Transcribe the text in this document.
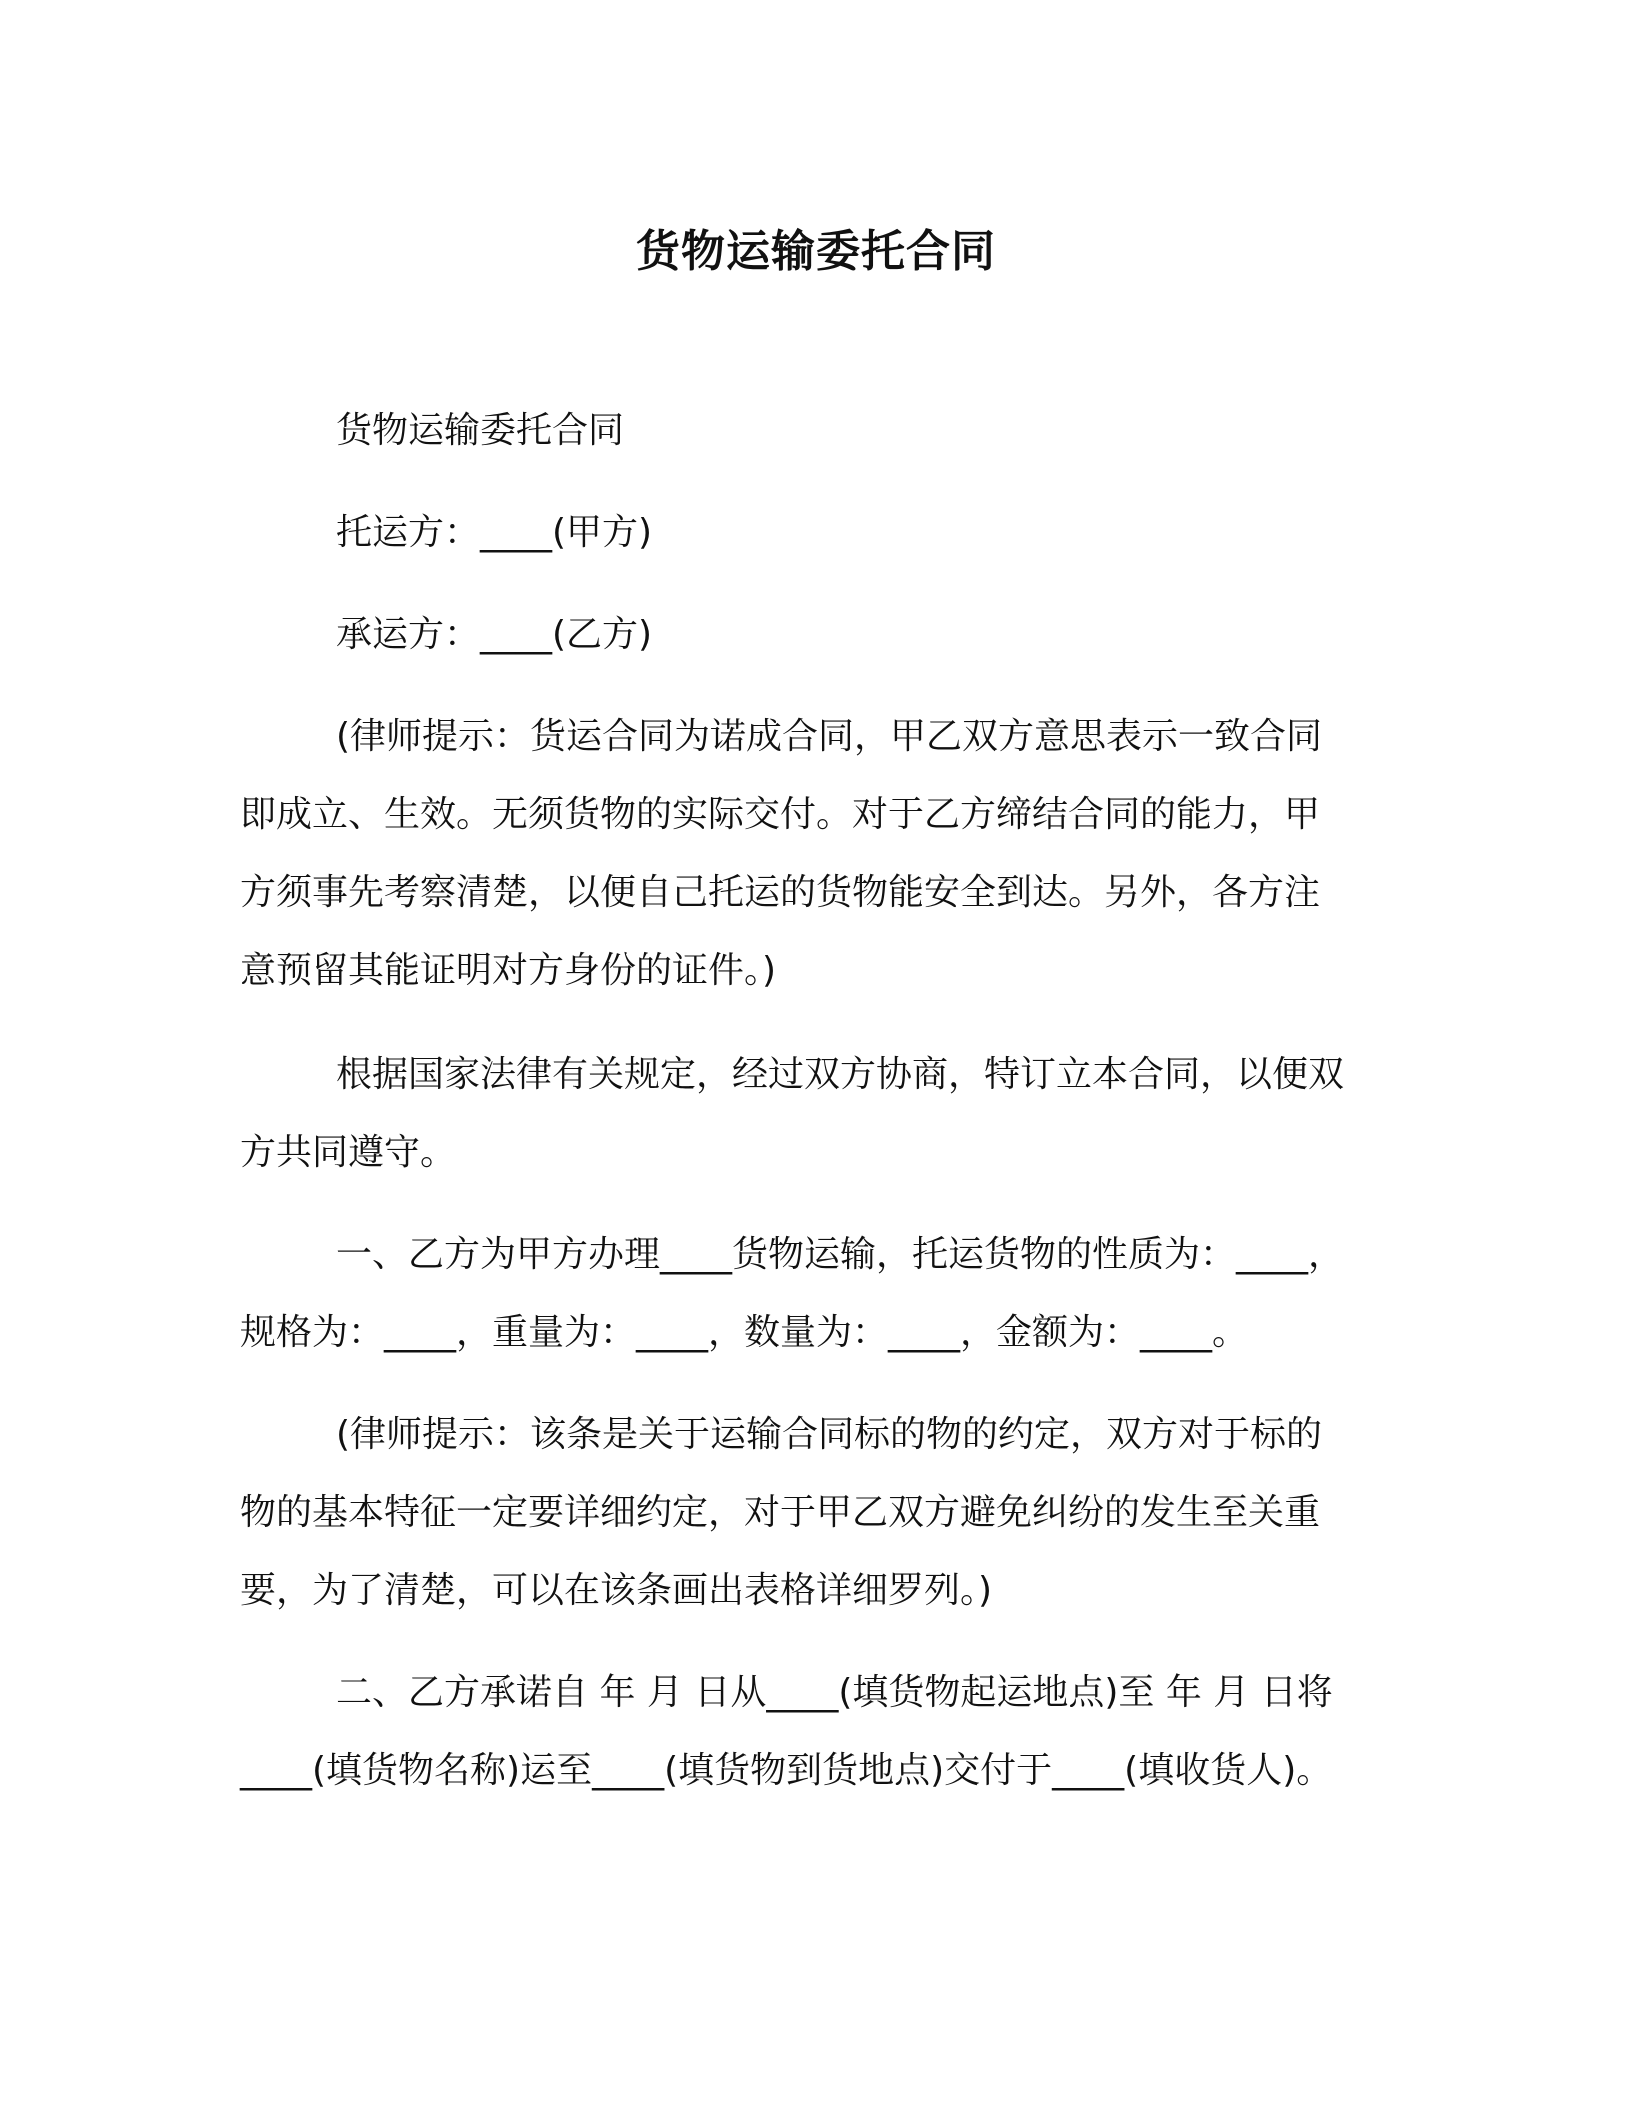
货物运输委托合同
货物运输委托合同
托运方：____(甲方)
承运方：____(乙方)
(律师提示：货运合同为诺成合同，甲乙双方意思表示一致合同
即成立、生效。无须货物的实际交付。对于乙方缔结合同的能力，甲
方须事先考察清楚，以便自己托运的货物能安全到达。另外，各方注
意预留其能证明对方身份的证件。)
根据国家法律有关规定，经过双方协商，特订立本合同，以便双
方共同遵守。
一、乙方为甲方办理____货物运输，托运货物的性质为：____，
规格为：____，重量为：____，数量为：____，金额为：____。
(律师提示：该条是关于运输合同标的物的约定，双方对于标的
物的基本特征一定要详细约定，对于甲乙双方避免纠纷的发生至关重
要，为了清楚，可以在该条画出表格详细罗列。)
二、乙方承诺自 年 月 日从____(填货物起运地点)至 年 月 日将
____(填货物名称)运至____(填货物到货地点)交付于____(填收货人)。
